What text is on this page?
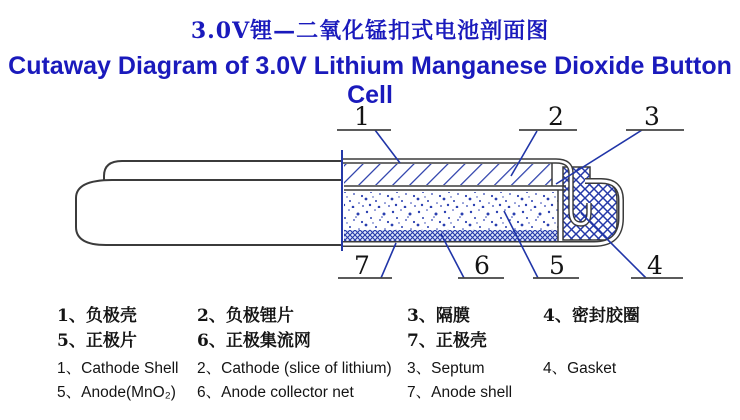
3.0V锂—二氧化锰扣式电池剖面图
Cutaway Diagram of 3.0V Lithium Manganese Dioxide Button Cell
1	2	3
7	6 5	4
1、负极壳	2、负极锂片	3、隔膜	4、密封胶圈
5、正极片	6、正极集流网	7、正极壳
1、Cathode Shell 2、Cathode (slice of lithium) 3、Septum	4、Gasket
5、Anode(MnO₂) 6、Anode collector net	7、Anode shell
